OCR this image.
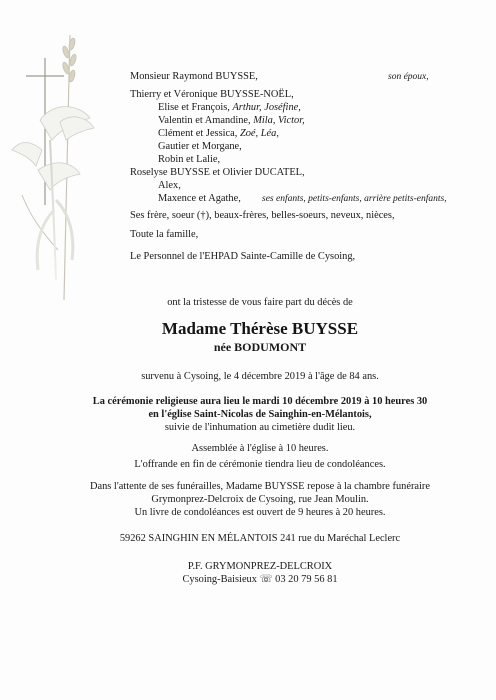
Monsieur Raymond BUYSSE,	son époux,
Thierry et Véronique BUYSSE-NOËL,
Elise et François, Arthur, Joséfine,
Valentin et Amandine, Mila, Victor,
Clément et Jessica, Zoé, Léa,
Gautier et Morgane,
Robin et Lalie,
Roselyse BUYSSE et Olivier DUCATEL,
Alex,
Maxence et Agathe, ses enfants, petits-enfants, arrière petits-enfants,
Ses frère, soeur (†), beaux-frères, belles-soeurs, neveux, nièces,
Toute la famille,
Le Personnel de l'EHPAD Sainte-Camille de Cysoing,
ont la tristesse de vous faire part du décès de
Madame Thérèse BUYSSE
née BODUMONT
survenu à Cysoing, le 4 décembre 2019 à l'âge de 84 ans.
La cérémonie religieuse aura lieu le mardi 10 décembre 2019 à 10 heures 30
en l'église Saint-Nicolas de Sainghin-en-Mélantois,
suivie de l'inhumation au cimetière dudit lieu.
Assemblée à l'église à 10 heures.
L'offrande en fin de cérémonie tiendra lieu de condoléances.
Dans l'attente de ses funérailles, Madame BUYSSE repose à la chambre funéraire
Grymonprez-Delcroix de Cysoing, rue Jean Moulin.
Un livre de condoléances est ouvert de 9 heures à 20 heures.
59262 SAINGHIN EN MÉLANTOIS 241 rue du Maréchal Leclerc
P.F. GRYMONPREZ-DELCROIX
Cysoing-Baisieux ☏ 03 20 79 56 81
